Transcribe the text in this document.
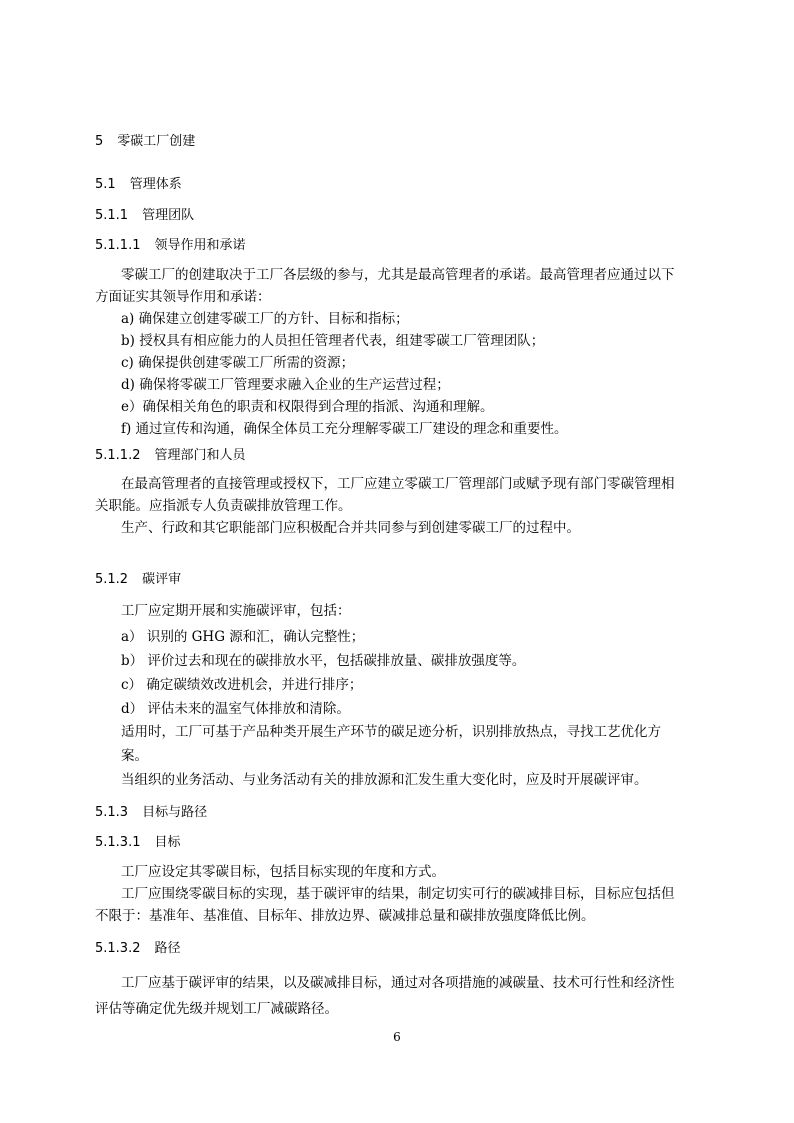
5 零碳工厂创建
5.1 管理体系
5.1.1 管理团队
5.1.1.1 领导作用和承诺
零碳工厂的创建取决于工厂各层级的参与，尤其是最高管理者的承诺。最高管理者应通过以下
方面证实其领导作用和承诺：
a) 确保建立创建零碳工厂的方针、目标和指标；
b) 授权具有相应能力的人员担任管理者代表，组建零碳工厂管理团队；
c) 确保提供创建零碳工厂所需的资源；
d) 确保将零碳工厂管理要求融入企业的生产运营过程；
e）确保相关角色的职责和权限得到合理的指派、沟通和理解。
f) 通过宣传和沟通，确保全体员工充分理解零碳工厂建设的理念和重要性。
5.1.1.2 管理部门和人员
在最高管理者的直接管理或授权下，工厂应建立零碳工厂管理部门或赋予现有部门零碳管理相
关职能。应指派专人负责碳排放管理工作。
生产、行政和其它职能部门应积极配合并共同参与到创建零碳工厂的过程中。
5.1.2 碳评审
工厂应定期开展和实施碳评审，包括：
a） 识别的 GHG 源和汇，确认完整性；
b） 评价过去和现在的碳排放水平，包括碳排放量、碳排放强度等。
c） 确定碳绩效改进机会，并进行排序；
d） 评估未来的温室气体排放和清除。
适用时，工厂可基于产品种类开展生产环节的碳足迹分析，识别排放热点，寻找工艺优化方
案。
当组织的业务活动、与业务活动有关的排放源和汇发生重大变化时，应及时开展碳评审。
5.1.3 目标与路径
5.1.3.1 目标
工厂应设定其零碳目标，包括目标实现的年度和方式。
工厂应围绕零碳目标的实现，基于碳评审的结果，制定切实可行的碳减排目标，目标应包括但
不限于：基准年、基准值、目标年、排放边界、碳减排总量和碳排放强度降低比例。
5.1.3.2 路径
工厂应基于碳评审的结果，以及碳减排目标，通过对各项措施的减碳量、技术可行性和经济性
评估等确定优先级并规划工厂减碳路径。
6
